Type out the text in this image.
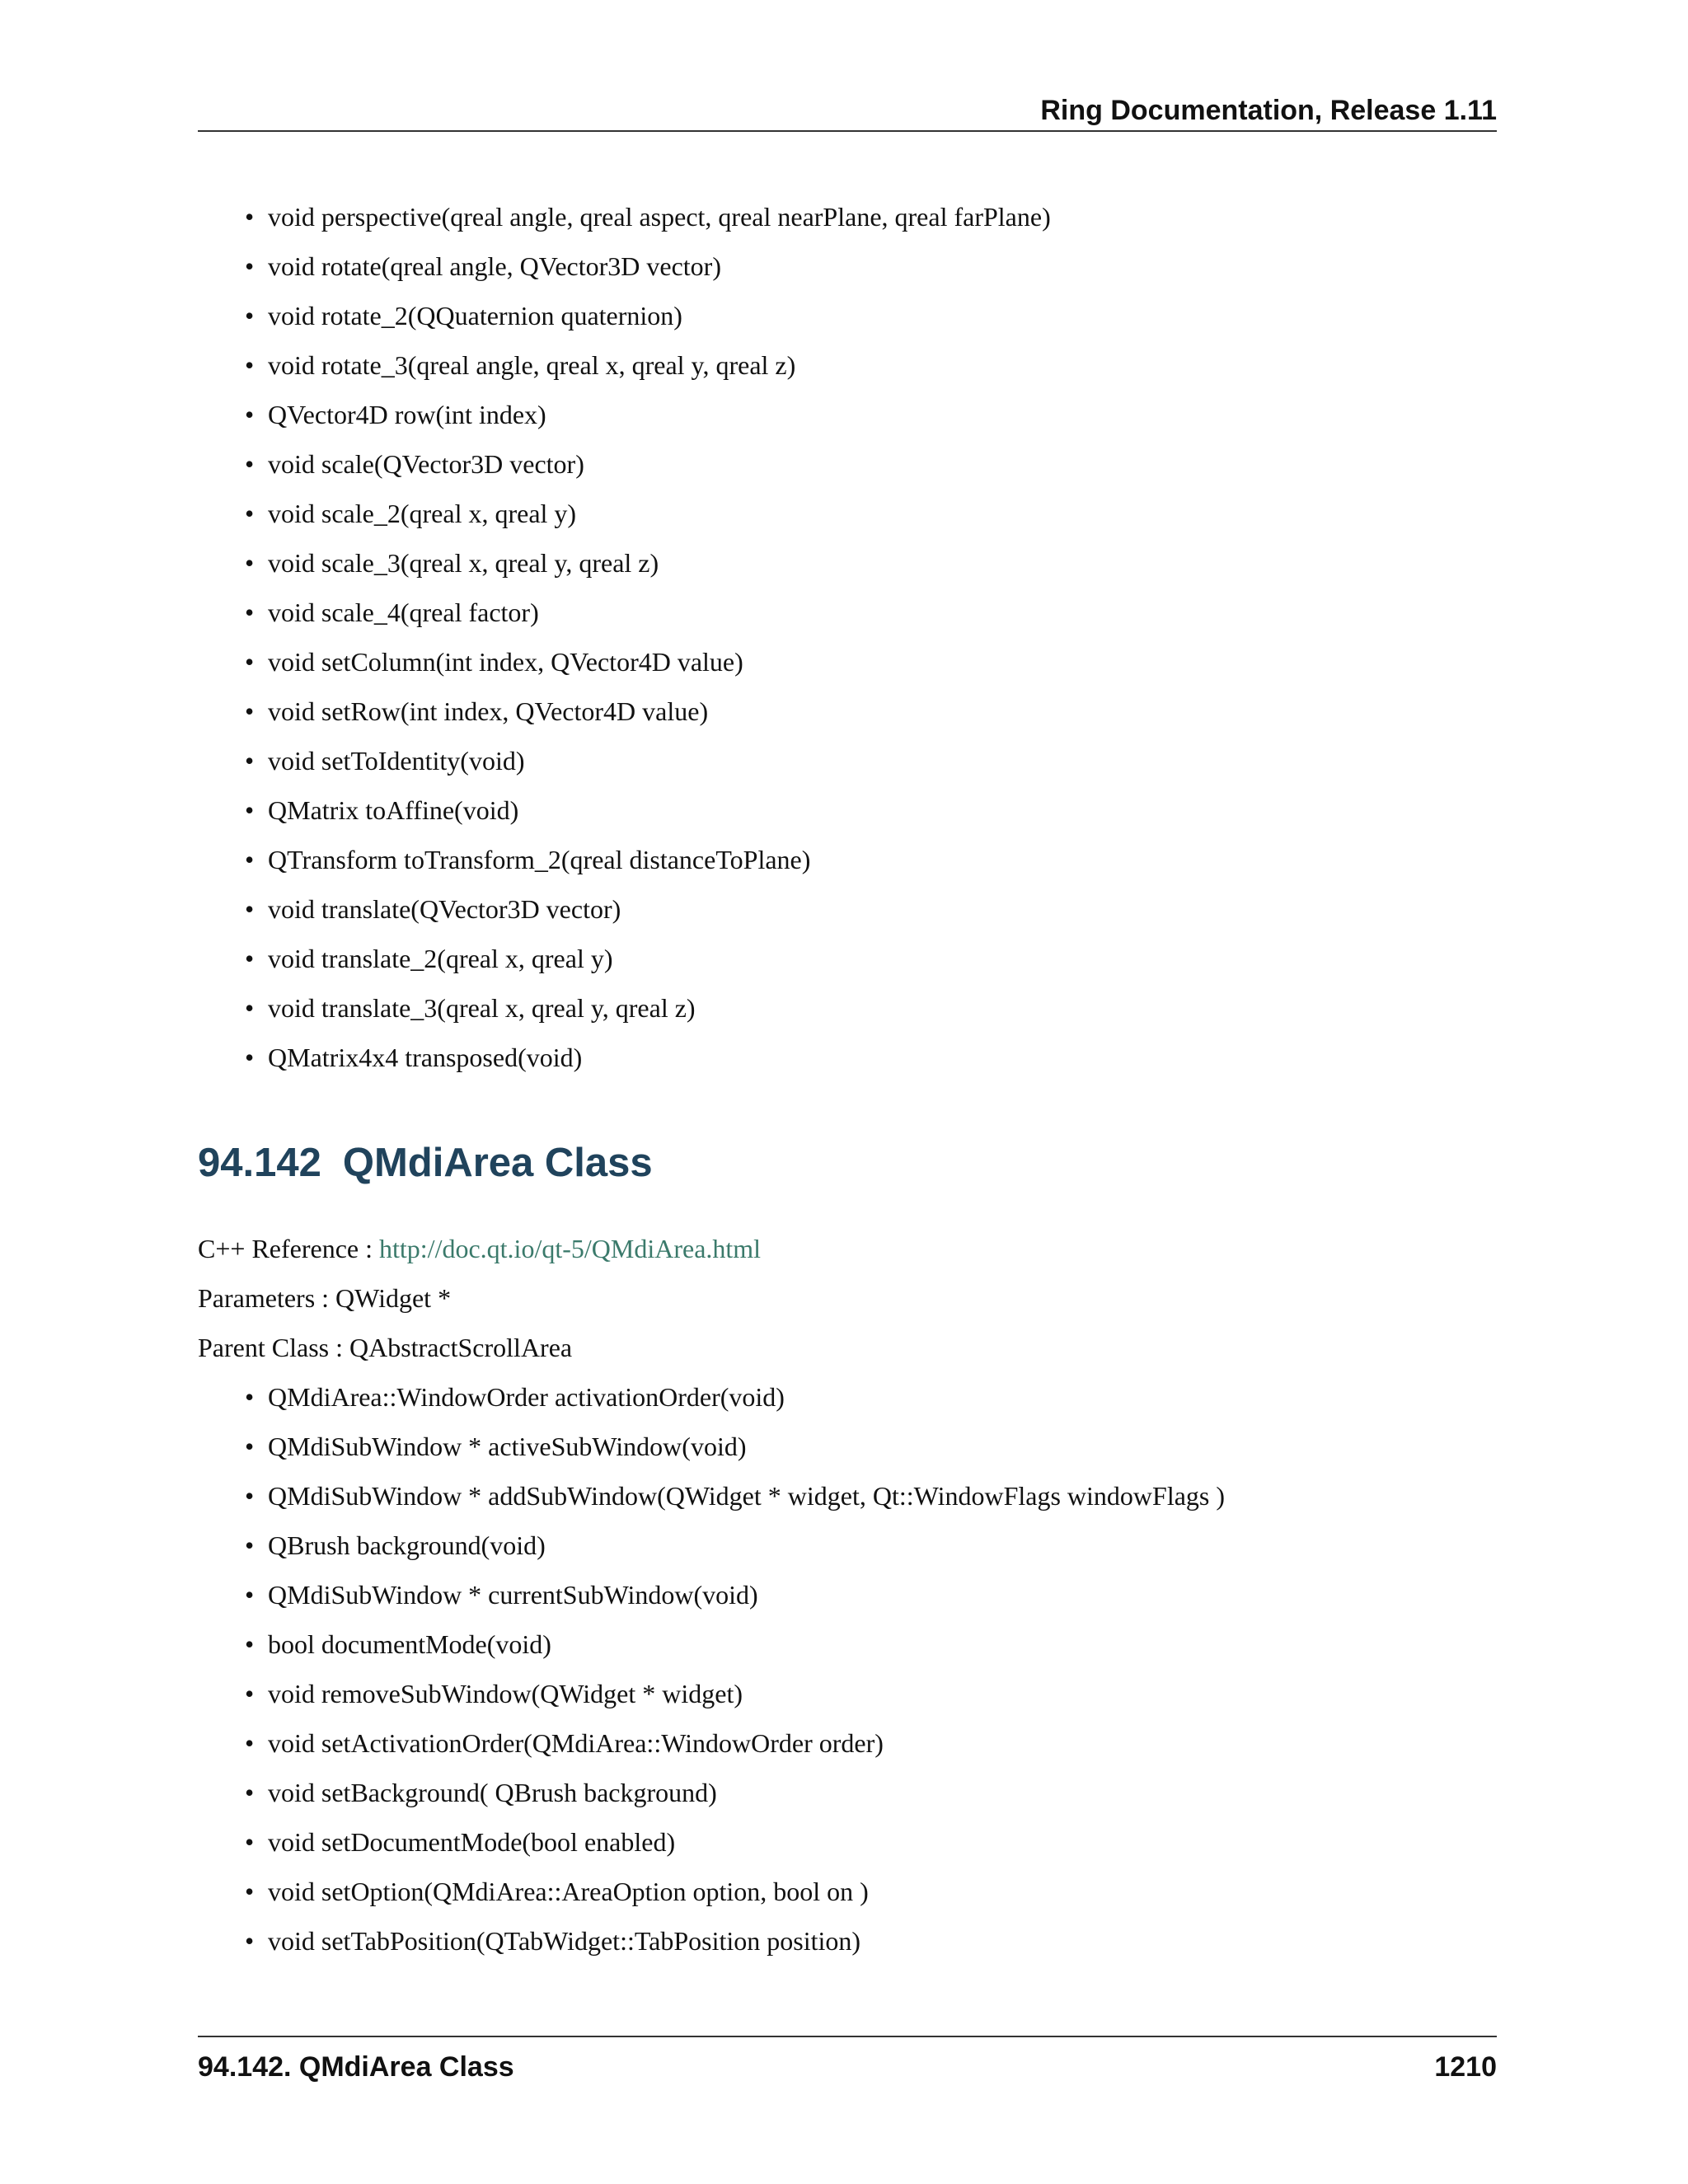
Ring Documentation, Release 1.11
• void perspective(qreal angle, qreal aspect, qreal nearPlane, qreal farPlane)
• void rotate(qreal angle, QVector3D vector)
• void rotate_2(QQuaternion quaternion)
• void rotate_3(qreal angle, qreal x, qreal y, qreal z)
• QVector4D row(int index)
• void scale(QVector3D vector)
• void scale_2(qreal x, qreal y)
• void scale_3(qreal x, qreal y, qreal z)
• void scale_4(qreal factor)
• void setColumn(int index, QVector4D value)
• void setRow(int index, QVector4D value)
• void setToIdentity(void)
• QMatrix toAffine(void)
• QTransform toTransform_2(qreal distanceToPlane)
• void translate(QVector3D vector)
• void translate_2(qreal x, qreal y)
• void translate_3(qreal x, qreal y, qreal z)
• QMatrix4x4 transposed(void)
94.142 QMdiArea Class

C++ Reference : http://doc.qt.io/qt-5/QMdiArea.html

Parameters : QWidget *

Parent Class : QAbstractScrollArea

• QMdiArea::WindowOrder activationOrder(void)
• QMdiSubWindow * activeSubWindow(void)
• QMdiSubWindow * addSubWindow(QWidget * widget, Qt::WindowFlags windowFlags )
• QBrush background(void)
• QMdiSubWindow * currentSubWindow(void)
• bool documentMode(void)
• void removeSubWindow(QWidget * widget)
• void setActivationOrder(QMdiArea::WindowOrder order)
• void setBackground( QBrush background)
• void setDocumentMode(bool enabled)
• void setOption(QMdiArea::AreaOption option, bool on )
• void setTabPosition(QTabWidget::TabPosition position)
94.142. QMdiArea Class	1210
